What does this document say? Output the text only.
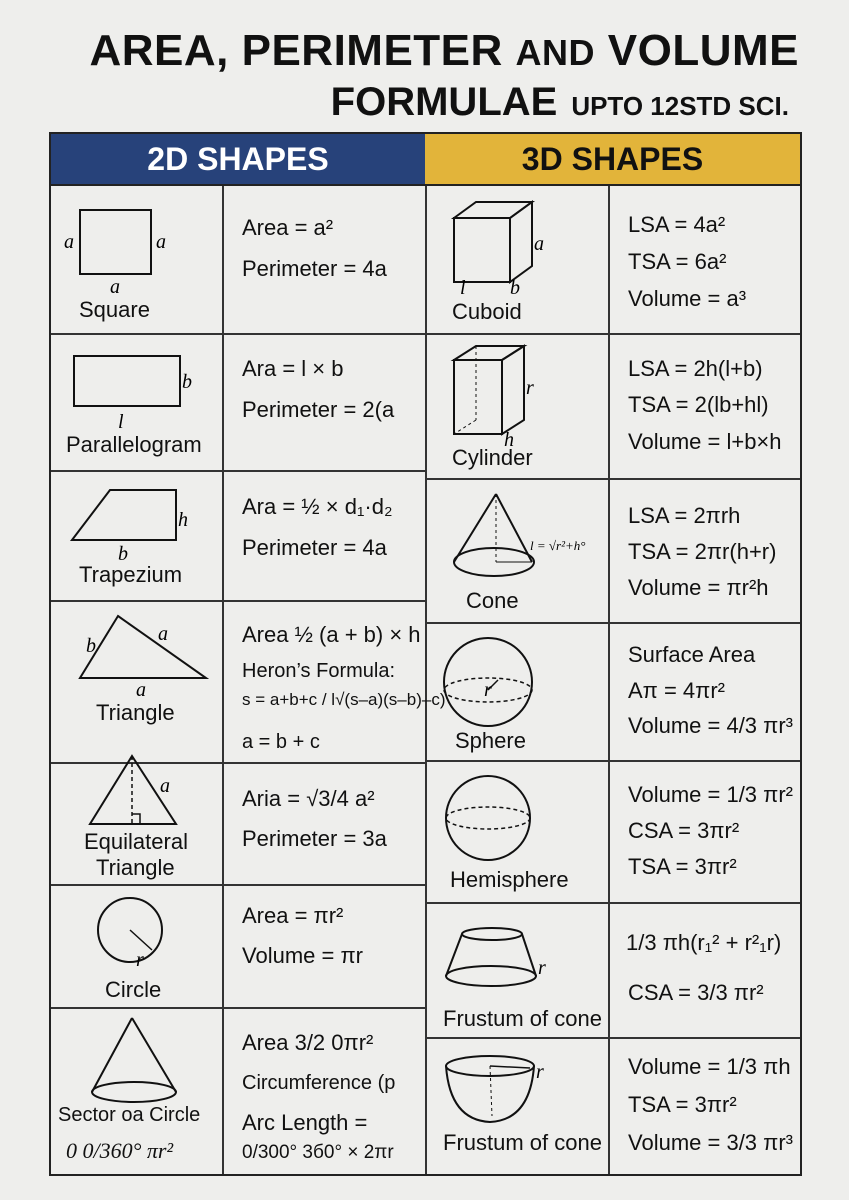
AREA, PERIMETER AND VOLUME
FORMULAE UPTO 12STD SCI.
2D SHAPES	3D SHAPES
a	a
a
Square
Area = a²
Perimeter = 4a
b
l
Parallelogram
Ara = l × b
Perimeter = 2(a
h
b
Trapezium
Ara = ½ × d₁·d₂
Perimeter = 4a
b
a
a
Triangle
Area ½ (a + b) × h
Heron’s Formula:
s = a+b+c / l√(s–a)(s–b)–c)
a = b + c
a
Equilateral
Triangle
Aria = √3/4 a²
Perimeter = 3a
r
Circle
Area = πr²
Volume = πr
Sector oa Circle
0 0/360° πr²
Area 3/2 0πr²
Circumference (p
Arc Length =
0/300° 3б0° × 2πr
a
l b
Cuboid
LSA = 4a²
TSA = 6a²
Volume = a³
r
h
Cylinder
LSA = 2h(l+b)
TSA = 2(lb+hl)
Volume = l+b×h
l = √r²+h°
Cone
LSA = 2πrh
TSA = 2πr(h+r)
Volume = πr²h
r
Sphere
Surface Area
Aπ = 4πr²
Volume = 4/3 πr³
Hemisphere
Volume = 1/3 πr²
CSA = 3πr²
TSA = 3πr²
r
Frustum of cone
1/3 πh(r₁² + r²₁r)
CSA = 3/3 πr²
r
Frustum of cone
Volume = 1/3 πh
TSA = 3πr²
Volume = 3/3 πr³
